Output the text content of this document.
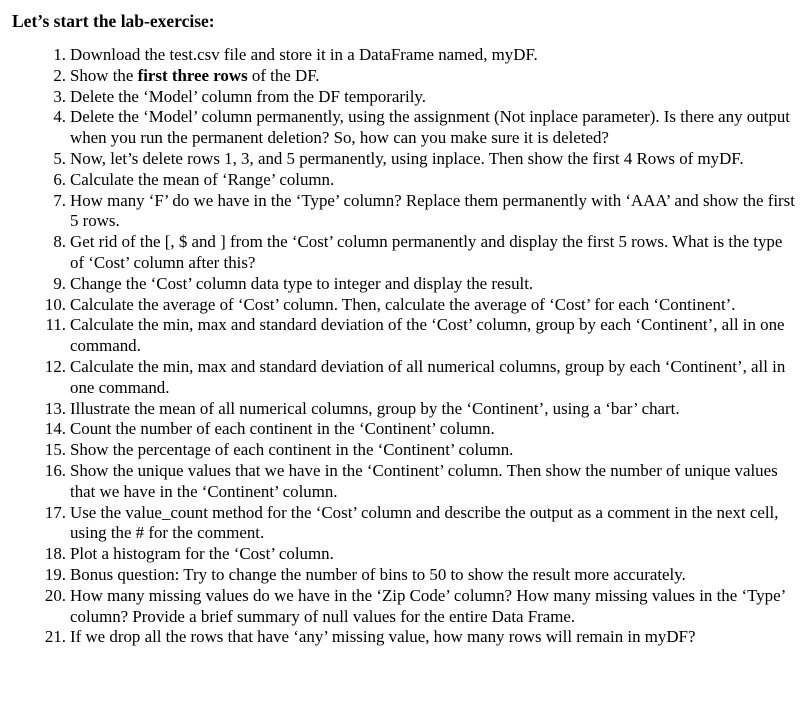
Let’s start the lab-exercise:
1. Download the test.csv file and store it in a DataFrame named, myDF.
2. Show the first three rows of the DF.
3. Delete the ‘Model’ column from the DF temporarily.
4. Delete the ‘Model’ column permanently, using the assignment (Not inplace parameter). Is there any output when you run the permanent deletion? So, how can you make sure it is deleted?
5. Now, let’s delete rows 1, 3, and 5 permanently, using inplace. Then show the first 4 Rows of myDF.
6. Calculate the mean of ‘Range’ column.
7. How many ‘F’ do we have in the ‘Type’ column? Replace them permanently with ‘AAA’ and show the first 5 rows.
8. Get rid of the [, $ and ] from the ‘Cost’ column permanently and display the first 5 rows. What is the type of ‘Cost’ column after this?
9. Change the ‘Cost’ column data type to integer and display the result.
10. Calculate the average of ‘Cost’ column. Then, calculate the average of ‘Cost’ for each ‘Continent’.
11. Calculate the min, max and standard deviation of the ‘Cost’ column, group by each ‘Continent’, all in one command.
12. Calculate the min, max and standard deviation of all numerical columns, group by each ‘Continent’, all in one command.
13. Illustrate the mean of all numerical columns, group by the ‘Continent’, using a ‘bar’ chart.
14. Count the number of each continent in the ‘Continent’ column.
15. Show the percentage of each continent in the ‘Continent’ column.
16. Show the unique values that we have in the ‘Continent’ column. Then show the number of unique values that we have in the ‘Continent’ column.
17. Use the value_count method for the ‘Cost’ column and describe the output as a comment in the next cell, using the # for the comment.
18. Plot a histogram for the ‘Cost’ column.
19. Bonus question: Try to change the number of bins to 50 to show the result more accurately.
20. How many missing values do we have in the ‘Zip Code’ column? How many missing values in the ‘Type’ column? Provide a brief summary of null values for the entire Data Frame.
21. If we drop all the rows that have ‘any’ missing value, how many rows will remain in myDF?
